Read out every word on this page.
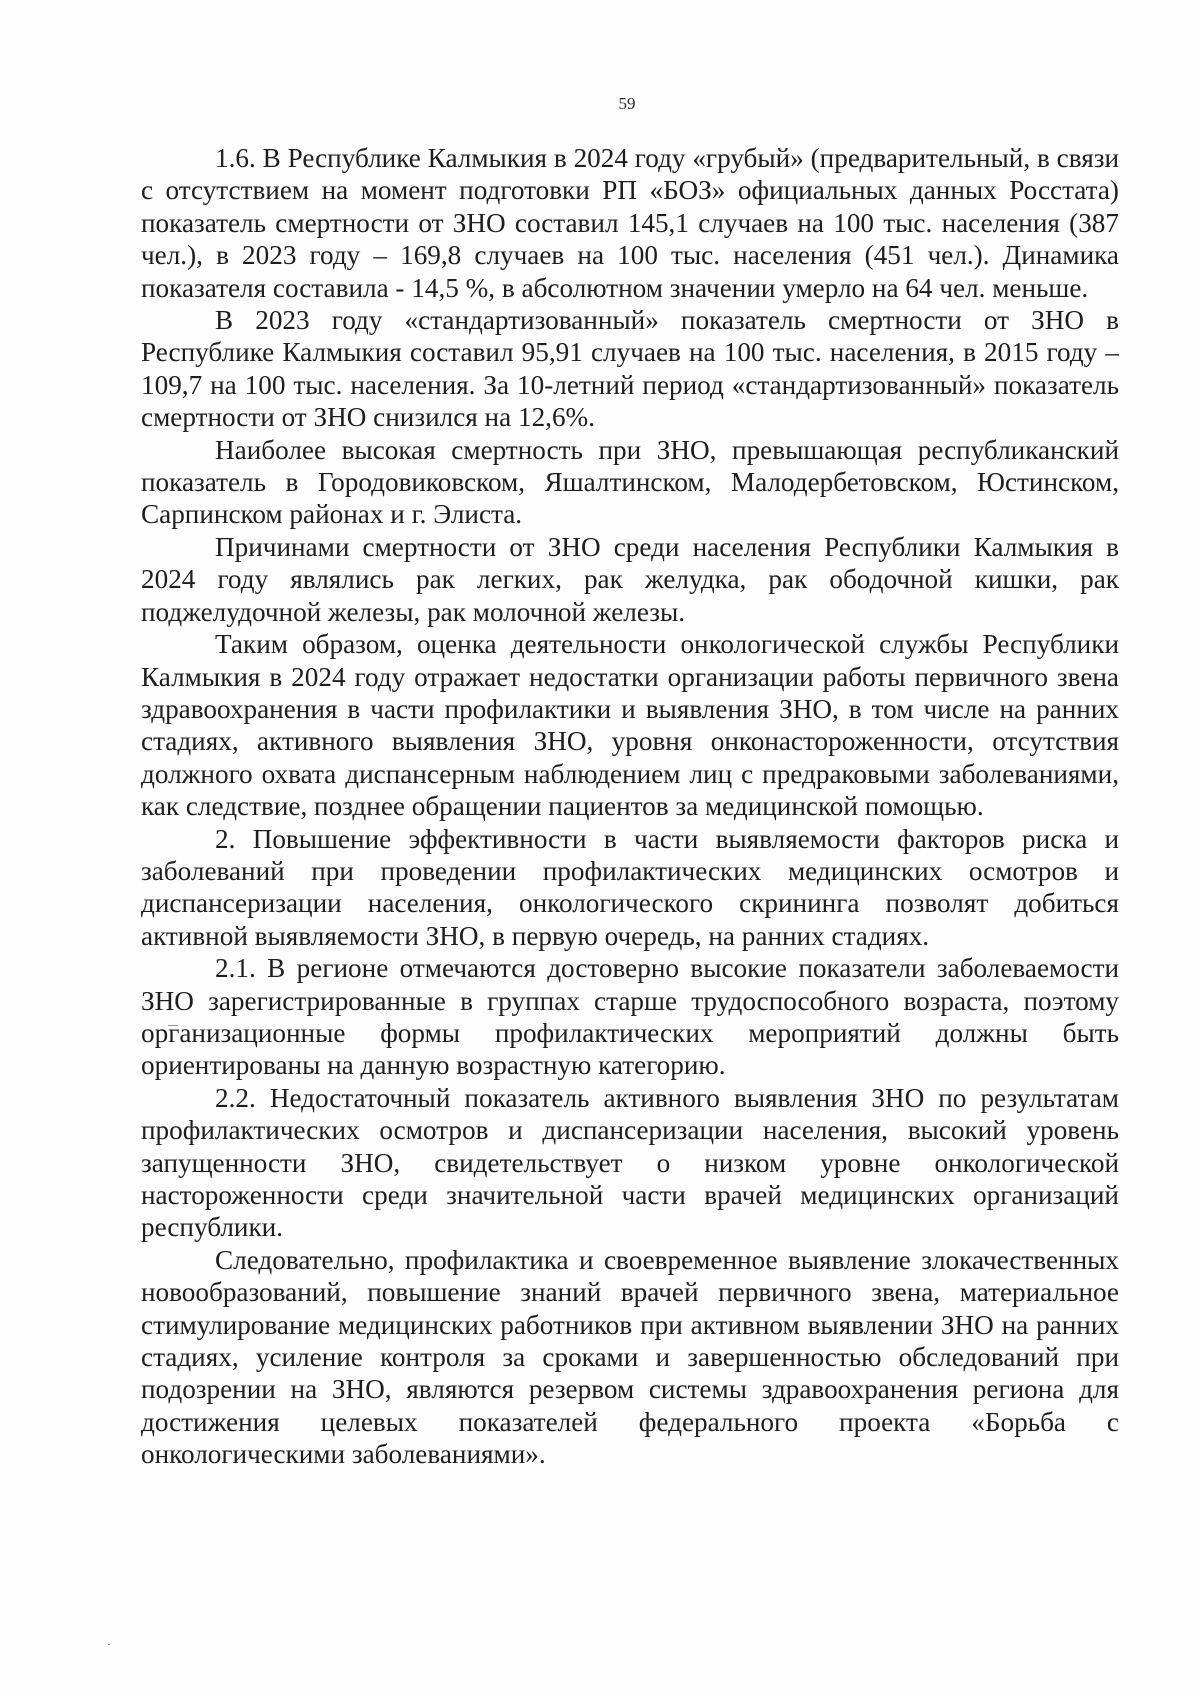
59

1.6. В Республике Калмыкия в 2024 году «грубый» (предварительный, в связи с отсутствием на момент подготовки РП «БОЗ» официальных данных Росстата) показатель смертности от ЗНО составил 145,1 случаев на 100 тыс. населения (387 чел.), в 2023 году – 169,8 случаев на 100 тыс. населения (451 чел.). Динамика показателя составила - 14,5 %, в абсолютном значении умерло на 64 чел. меньше.

В 2023 году «стандартизованный» показатель смертности от ЗНО в Республике Калмыкия составил 95,91 случаев на 100 тыс. населения, в 2015 году – 109,7 на 100 тыс. населения. За 10-летний период «стандартизованный» показатель смертности от ЗНО снизился на 12,6%.

Наиболее высокая смертность при ЗНО, превышающая республиканский показатель в Городовиковском, Яшалтинском, Малодербетовском, Юстинском, Сарпинском районах и г. Элиста.

Причинами смертности от ЗНО среди населения Республики Калмыкия в 2024 году являлись рак легких, рак желудка, рак ободочной кишки, рак поджелудочной железы, рак молочной железы.

Таким образом, оценка деятельности онкологической службы Республики Калмыкия в 2024 году отражает недостатки организации работы первичного звена здравоохранения в части профилактики и выявления ЗНО, в том числе на ранних стадиях, активного выявления ЗНО, уровня онконастороженности, отсутствия должного охвата диспансерным наблюдением лиц с предраковыми заболеваниями, как следствие, позднее обращении пациентов за медицинской помощью.

2. Повышение эффективности в части выявляемости факторов риска и заболеваний при проведении профилактических медицинских осмотров и диспансеризации населения, онкологического скрининга позволят добиться активной выявляемости ЗНО, в первую очередь, на ранних стадиях.

2.1. В регионе отмечаются достоверно высокие показатели заболеваемости ЗНО зарегистрированные в группах старше трудоспособного возраста, поэтому организационные формы профилактических мероприятий должны быть ориентированы на данную возрастную категорию.

2.2. Недостаточный показатель активного выявления ЗНО по результатам профилактических осмотров и диспансеризации населения, высокий уровень запущенности ЗНО, свидетельствует о низком уровне онкологической настороженности среди значительной части врачей медицинских организаций республики.

Следовательно, профилактика и своевременное выявление злокачественных новообразований, повышение знаний врачей первичного звена, материальное стимулирование медицинских работников при активном выявлении ЗНО на ранних стадиях, усиление контроля за сроками и завершенностью обследований при подозрении на ЗНО, являются резервом системы здравоохранения региона для достижения целевых показателей федерального проекта «Борьба с онкологическими заболеваниями».
